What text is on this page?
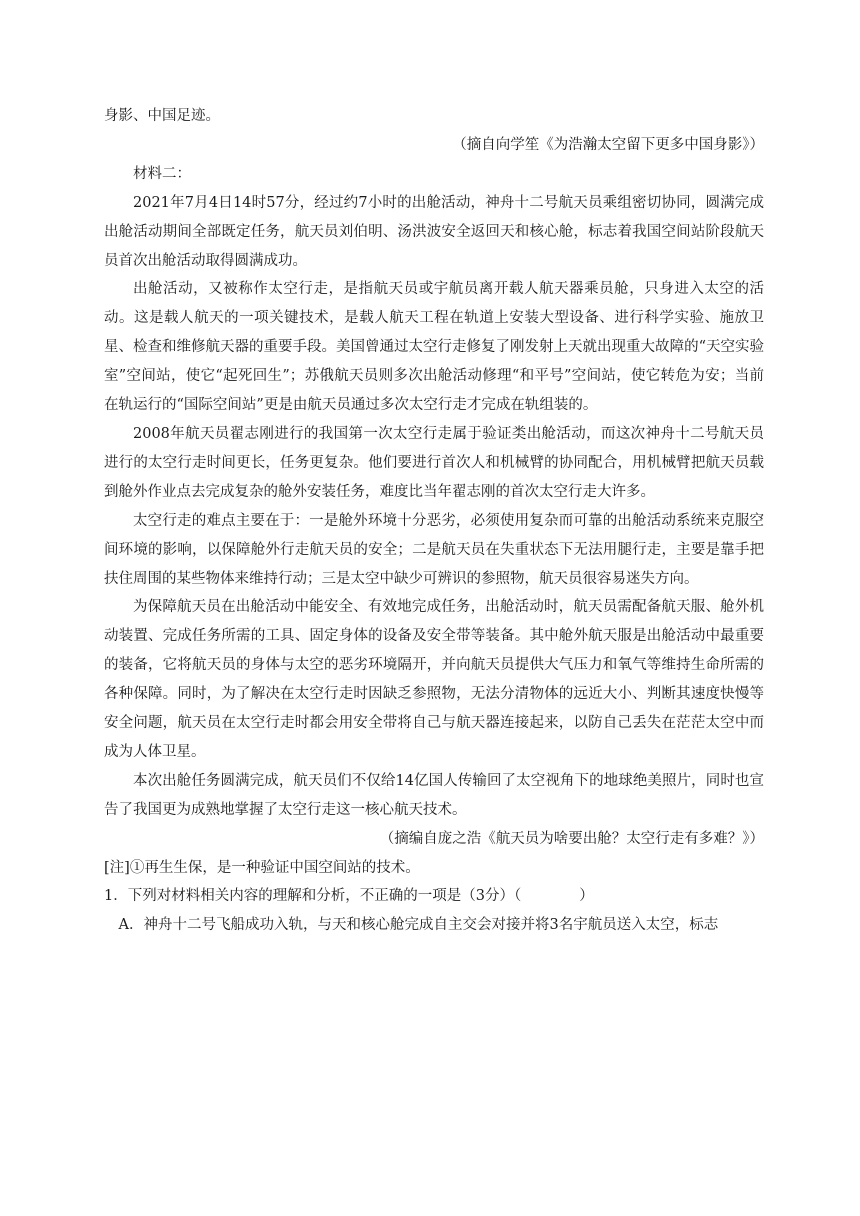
身影、中国足迹。

（摘自向学笙《为浩瀚太空留下更多中国身影》）

材料二：

2021年7月4日14时57分，经过约7小时的出舱活动，神舟十二号航天员乘组密切协同，圆满完成出舱活动期间全部既定任务，航天员刘伯明、汤洪波安全返回天和核心舱，标志着我国空间站阶段航天员首次出舱活动取得圆满成功。

出舱活动，又被称作太空行走，是指航天员或宇航员离开载人航天器乘员舱，只身进入太空的活动。这是载人航天的一项关键技术，是载人航天工程在轨道上安装大型设备、进行科学实验、施放卫星、检查和维修航天器的重要手段。美国曾通过太空行走修复了刚发射上天就出现重大故障的“天空实验室”空间站，使它“起死回生”；苏俄航天员则多次出舱活动修理“和平号”空间站，使它转危为安；当前在轨运行的“国际空间站”更是由航天员通过多次太空行走才完成在轨组装的。

2008年航天员翟志刚进行的我国第一次太空行走属于验证类出舱活动，而这次神舟十二号航天员进行的太空行走时间更长，任务更复杂。他们要进行首次人和机械臂的协同配合，用机械臂把航天员载到舱外作业点去完成复杂的舱外安装任务，难度比当年翟志刚的首次太空行走大许多。

太空行走的难点主要在于：一是舱外环境十分恶劣，必须使用复杂而可靠的出舱活动系统来克服空间环境的影响，以保障舱外行走航天员的安全；二是航天员在失重状态下无法用腿行走，主要是靠手把扶住周围的某些物体来维持行动；三是太空中缺少可辨识的参照物，航天员很容易迷失方向。

为保障航天员在出舱活动中能安全、有效地完成任务，出舱活动时，航天员需配备航天服、舱外机动装置、完成任务所需的工具、固定身体的设备及安全带等装备。其中舱外航天服是出舱活动中最重要的装备，它将航天员的身体与太空的恶劣环境隔开，并向航天员提供大气压力和氧气等维持生命所需的各种保障。同时，为了解决在太空行走时因缺乏参照物，无法分清物体的远近大小、判断其速度快慢等安全问题，航天员在太空行走时都会用安全带将自己与航天器连接起来，以防自己丢失在茫茫太空中而成为人体卫星。

本次出舱任务圆满完成，航天员们不仅给14亿国人传输回了太空视角下的地球绝美照片，同时也宣告了我国更为成熟地掌握了太空行走这一核心航天技术。

（摘编自庞之浩《航天员为啥要出舱？太空行走有多难？》）

[注]①再生生保，是一种验证中国空间站的技术。

1．下列对材料相关内容的理解和分析，不正确的一项是（3分）（　　　　）

A．神舟十二号飞船成功入轨，与天和核心舱完成自主交会对接并将3名宇航员送入太空，标志
